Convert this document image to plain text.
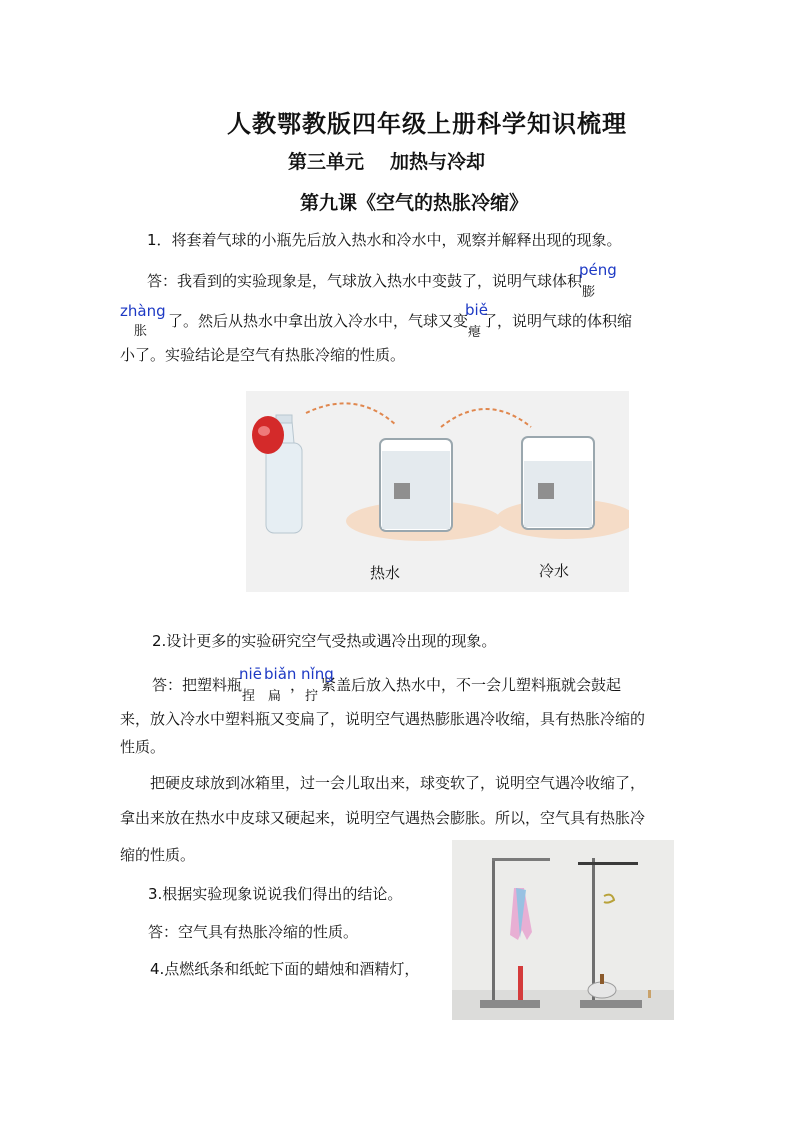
人教鄂教版四年级上册科学知识梳理
第三单元 加热与冷却
第九课《空气的热胀冷缩》
1．将套着气球的小瓶先后放入热水和冷水中，观察并解释出现的现象。
答：我看到的实验现象是，气球放入热水中变鼓了，说明气球体积
péng
膨
zhàng
胀了。然后从热水中拿出放入冷水中，气球又变
biě
瘪了，说明气球的体积缩
小了。实验结论是空气有热胀冷缩的性质。
热水	冷水
2.设计更多的实验研究空气受热或遇冷出现的现象。
答：把塑料瓶
niē
捏
biǎn
扁，
nǐng
拧紧盖后放入热水中，不一会儿塑料瓶就会鼓起
来，放入冷水中塑料瓶又变扁了，说明空气遇热膨胀遇冷收缩，具有热胀冷缩的
性质。
把硬皮球放到冰箱里，过一会儿取出来，球变软了，说明空气遇冷收缩了，
拿出来放在热水中皮球又硬起来，说明空气遇热会膨胀。所以，空气具有热胀冷
缩的性质。
3.根据实验现象说说我们得出的结论。
答：空气具有热胀冷缩的性质。
4.点燃纸条和纸蛇下面的蜡烛和酒精灯，
